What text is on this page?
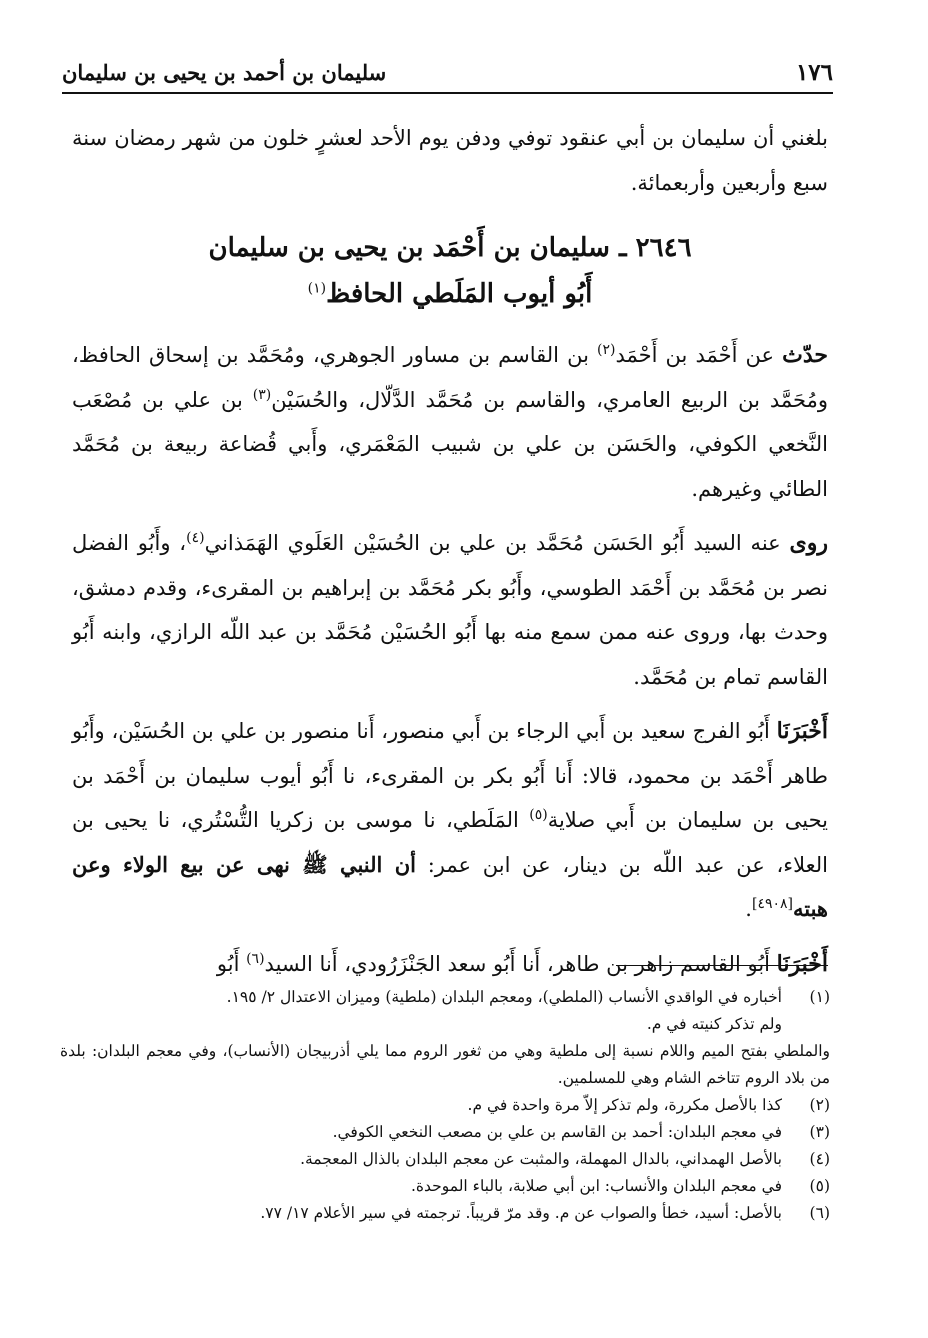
١٧٦
سليمان بن أحمد بن يحيى بن سليمان

بلغني أن سليمان بن أبي عنقود توفي ودفن يوم الأحد لعشرٍ خلون من شهر رمضان سنة سبع وأربعين وأربعمائة.

٢٦٤٦ ـ سليمان بن أَحْمَد بن يحيى بن سليمان
أَبُو أيوب المَلَطي الحافظ$^{(١)}$

حدّث عن أَحْمَد بن أَحْمَد$^{(٢)}$ بن القاسم بن مساور الجوهري، ومُحَمَّد بن إسحاق الحافظ، ومُحَمَّد بن الربيع العامري، والقاسم بن مُحَمَّد الدَّلّال، والحُسَيْن$^{(٣)}$ بن علي بن مُصْعَب النَّخعي الكوفي، والحَسَن بن علي بن شبيب المَعْمَري، وأَبي قُضاعة ربيعة بن مُحَمَّد الطائي وغيرهم.

روى عنه السيد أَبُو الحَسَن مُحَمَّد بن علي بن الحُسَيْن العَلَوي الهَمَذاني$^{(٤)}$، وأَبُو الفضل نصر بن مُحَمَّد بن أَحْمَد الطوسي، وأَبُو بكر مُحَمَّد بن إبراهيم بن المقرىء، وقدم دمشق، وحدث بها، وروى عنه ممن سمع منه بها أَبُو الحُسَيْن مُحَمَّد بن عبد اللّه الرازي، وابنه أَبُو القاسم تمام بن مُحَمَّد.

أَخْبَرَنَا أَبُو الفرج سعيد بن أَبي الرجاء بن أَبي منصور، أَنا منصور بن علي بن الحُسَيْن، وأَبُو طاهر أَحْمَد بن محمود، قالا: أَنا أَبُو بكر بن المقرىء، نا أَبُو أيوب سليمان بن أَحْمَد بن يحيى بن سليمان بن أَبي صلاية$^{(٥)}$ المَلَطي، نا موسى بن زكريا التُّسْتُري، نا يحيى بن العلاء، عن عبد اللّه بن دينار، عن ابن عمر: أن النبي ﷺ نهى عن بيع الولاء وعن هبته[٤٩٠٨].

أَخْبَرَنَا أَبُو القاسم زاهر بن طاهر، أَنا أَبُو سعد الجَنْزَرُودي، أَنا السيد$^{(٦)}$ أَبُو

(١)
أخباره في الواقدي الأنساب (الملطي)، ومعجم البلدان (ملطية) وميزان الاعتدال ٢/ ١٩٥.
ولم تذكر كنيته في م.
والملطي بفتح الميم واللام نسبة إلى ملطية وهي من ثغور الروم مما يلي أذربيجان (الأنساب)، وفي معجم البلدان: بلدة من بلاد الروم تتاخم الشام وهي للمسلمين.
(٢)
كذا بالأصل مكررة، ولم تذكر إلاّ مرة واحدة في م.
(٣)
في معجم البلدان: أحمد بن القاسم بن علي بن مصعب النخعي الكوفي.
(٤)
بالأصل الهمداني، بالدال المهملة، والمثبت عن معجم البلدان بالذال المعجمة.
(٥)
في معجم البلدان والأنساب: ابن أبي صلابة، بالباء الموحدة.
(٦)
بالأصل: أسيد، خطأ والصواب عن م. وقد مرّ قريباً. ترجمته في سير الأعلام ١٧/ ٧٧.
